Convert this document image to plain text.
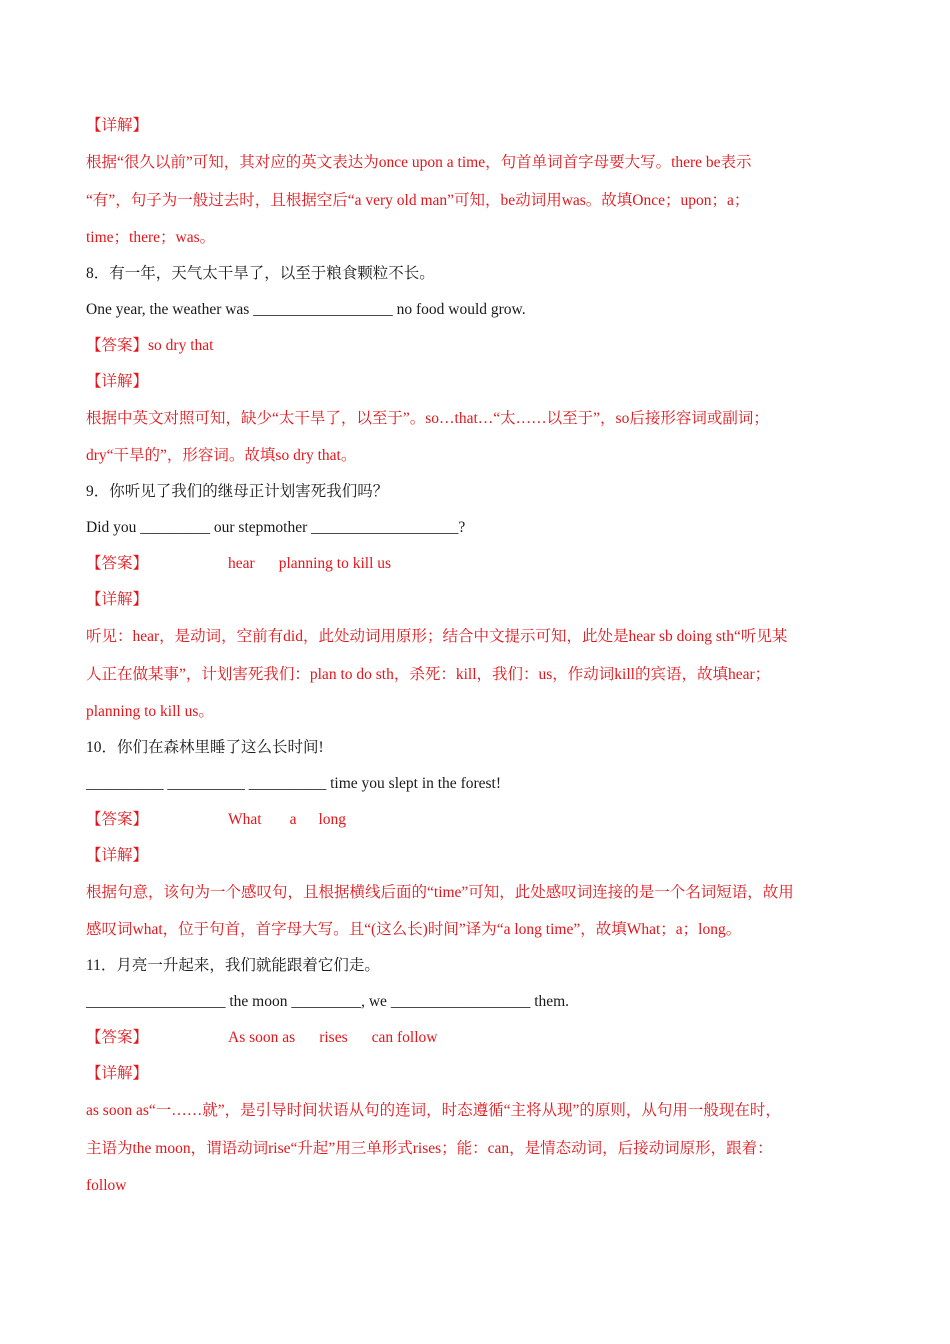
【详解】
根据“很久以前”可知，其对应的英文表达为once upon a time，句首单词首字母要大写。there be表示
“有”，句子为一般过去时，且根据空后“a very old man”可知，be动词用was。故填Once；upon；a；
time；there；was。
8．有一年，天气太干旱了，以至于粮食颗粒不长。
One year, the weather was __________________ no food would grow.
【答案】so dry that
【详解】
根据中英文对照可知，缺少“太干旱了，以至于”。so…that…“太……以至于”，so后接形容词或副词；
dry“干旱的”，形容词。故填so dry that。
9．你听见了我们的继母正计划害死我们吗？
Did you _________ our stepmother ___________________?
【答案】	hear planning to kill us
【详解】
听见：hear，是动词，空前有did，此处动词用原形；结合中文提示可知，此处是hear sb doing sth“听见某
人正在做某事”，计划害死我们：plan to do sth，杀死：kill，我们：us，作动词kill的宾语，故填hear；
planning to kill us。
10．你们在森林里睡了这么长时间!
__________ __________ __________ time you slept in the forest!
【答案】	What a long
【详解】
根据句意，该句为一个感叹句，且根据横线后面的“time”可知，此处感叹词连接的是一个名词短语，故用
感叹词what，位于句首，首字母大写。且“(这么长)时间”译为“a long time”，故填What；a；long。
11．月亮一升起来，我们就能跟着它们走。
__________________ the moon _________, we __________________ them.
【答案】	As soon as rises can follow
【详解】
as soon as“一……就”，是引导时间状语从句的连词，时态遵循“主将从现”的原则，从句用一般现在时，
主语为the moon，谓语动词rise“升起”用三单形式rises；能：can，是情态动词，后接动词原形，跟着：
follow
